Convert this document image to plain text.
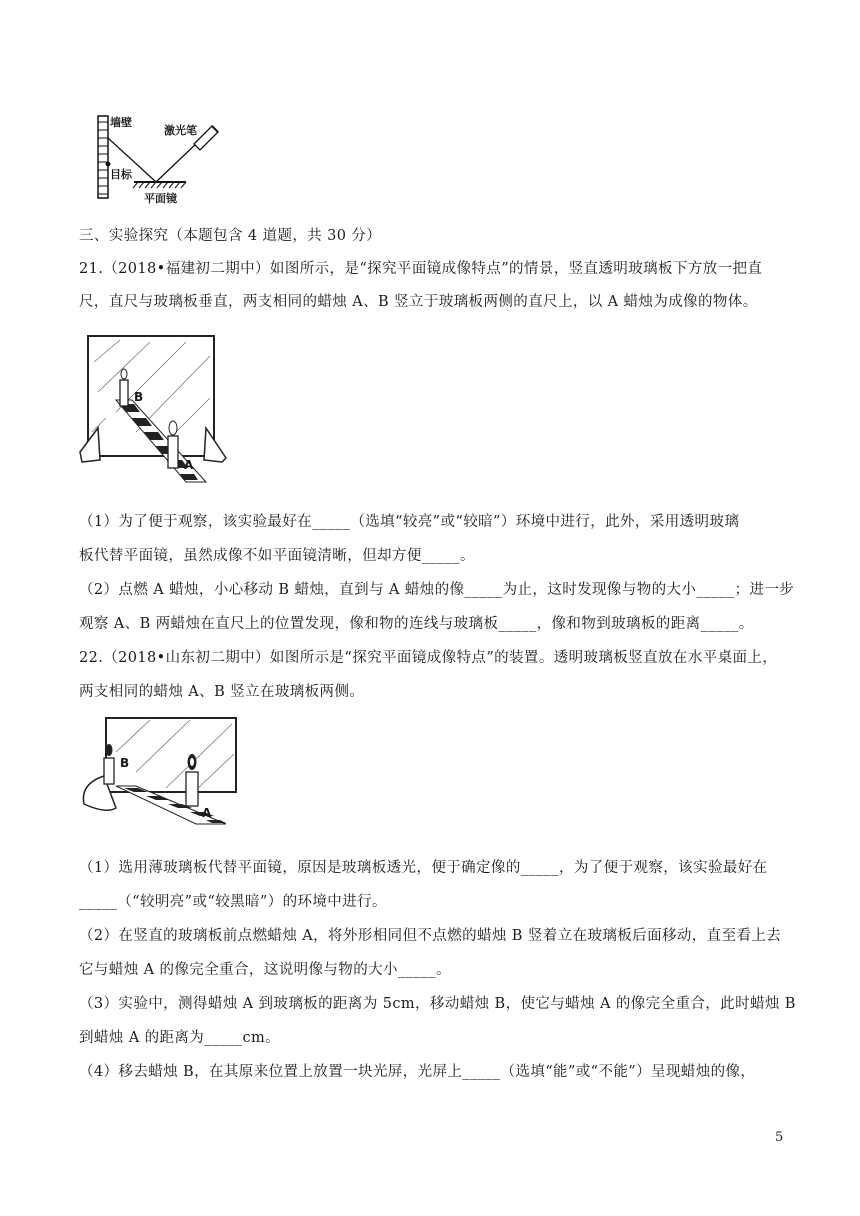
墙壁
激光笔
目标
平面镜
三、实验探究（本题包含 4 道题，共 30 分）
21.（2018•福建初二期中）如图所示，是“探究平面镜成像特点”的情景，竖直透明玻璃板下方放一把直
尺，直尺与玻璃板垂直，两支相同的蜡烛 A、B 竖立于玻璃板两侧的直尺上，以 A 蜡烛为成像的物体。
B
A
（1）为了便于观察，该实验最好在_____（选填“较亮”或“较暗”）环境中进行，此外，采用透明玻璃
板代替平面镜，虽然成像不如平面镜清晰，但却方便_____。
（2）点燃 A 蜡烛，小心移动 B 蜡烛，直到与 A 蜡烛的像_____为止，这时发现像与物的大小_____；进一步
观察 A、B 两蜡烛在直尺上的位置发现，像和物的连线与玻璃板_____，像和物到玻璃板的距离_____。
22.（2018•山东初二期中）如图所示是“探究平面镜成像特点”的装置。透明玻璃板竖直放在水平桌面上，
两支相同的蜡烛 A、B 竖立在玻璃板两侧。
B
A
（1）选用薄玻璃板代替平面镜，原因是玻璃板透光，便于确定像的_____，为了便于观察，该实验最好在
_____（“较明亮”或“较黑暗”）的环境中进行。
（2）在竖直的玻璃板前点燃蜡烛 A，将外形相同但不点燃的蜡烛 B 竖着立在玻璃板后面移动，直至看上去
它与蜡烛 A 的像完全重合，这说明像与物的大小_____。
（3）实验中，测得蜡烛 A 到玻璃板的距离为 5cm，移动蜡烛 B，使它与蜡烛 A 的像完全重合，此时蜡烛 B
到蜡烛 A 的距离为_____cm。
（4）移去蜡烛 B，在其原来位置上放置一块光屏，光屏上_____（选填“能”或“不能”）呈现蜡烛的像，
5
